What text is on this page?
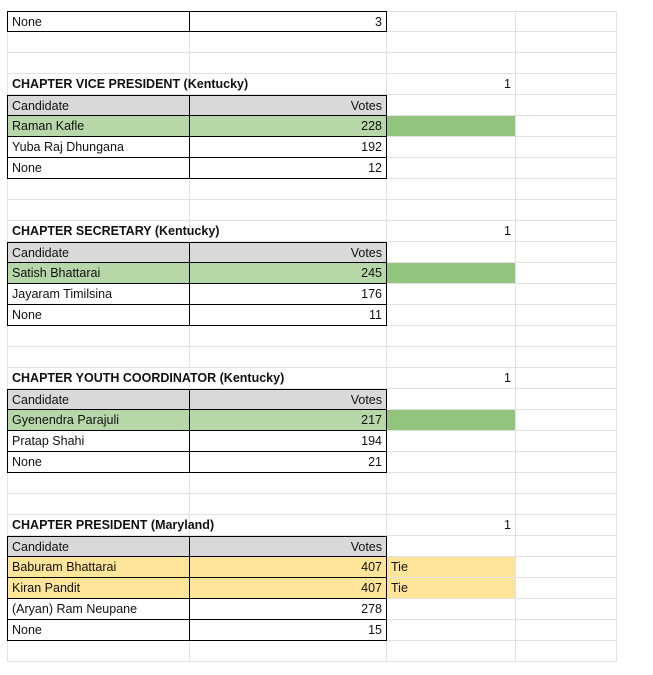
None	3
CHAPTER VICE PRESIDENT (Kentucky)	1
Candidate	Votes
Raman Kafle	228
Yuba Raj Dhungana	192
None	12
CHAPTER SECRETARY (Kentucky)	1
Candidate	Votes
Satish Bhattarai	245
Jayaram Timilsina	176
None	11
CHAPTER YOUTH COORDINATOR (Kentucky)	1
Candidate	Votes
Gyenendra Parajuli	217
Pratap Shahi	194
None	21
CHAPTER PRESIDENT (Maryland)	1
Candidate	Votes
Baburam Bhattarai	407 Tie
Kiran Pandit	407 Tie
(Aryan) Ram Neupane	278
None	15
